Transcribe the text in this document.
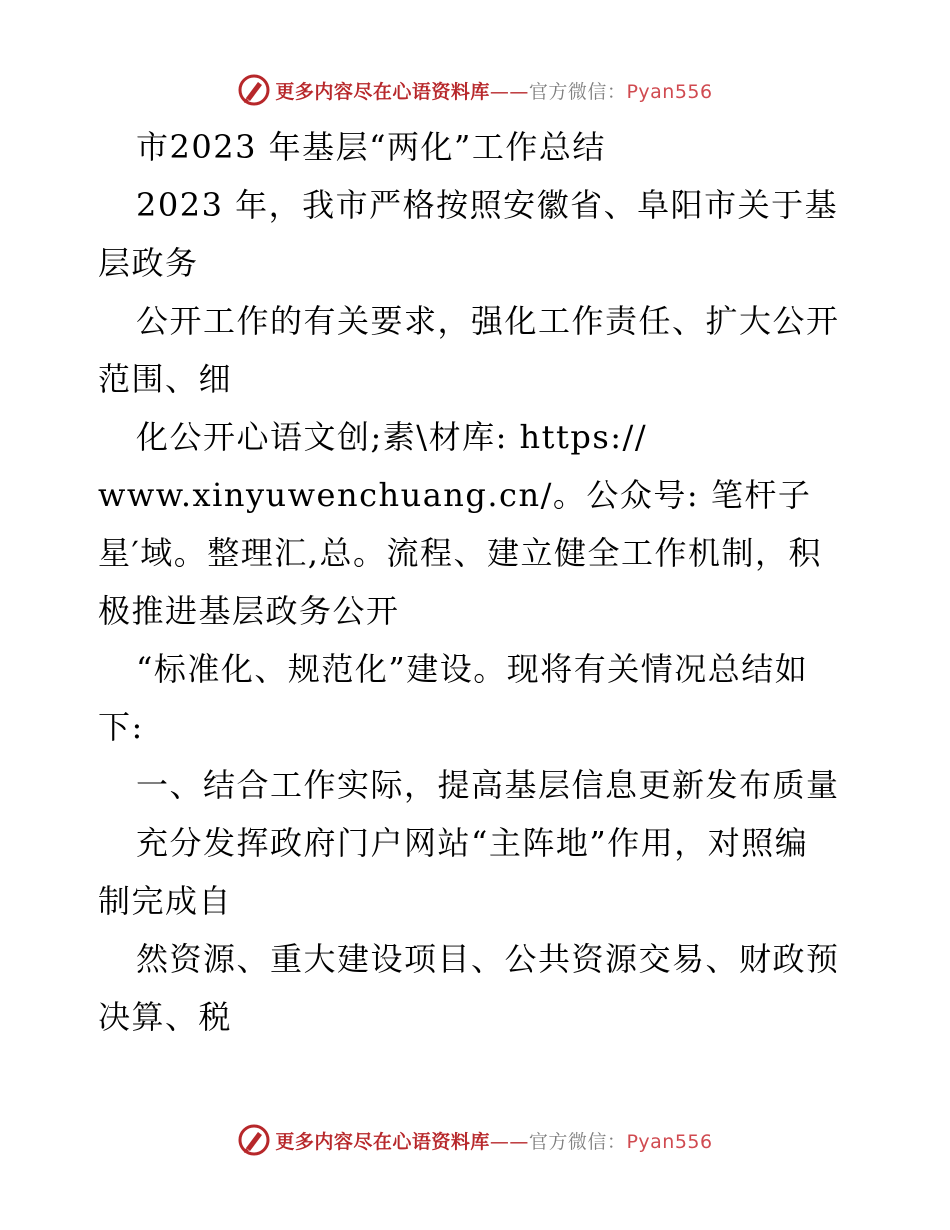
更多内容尽在心语资料库——官方微信：Pyan556
市2023 年基层“两化”工作总结
2023 年，我市严格按照安徽省、阜阳市关于基
层政务
公开工作的有关要求，强化工作责任、扩大公开
范围、细
化公开心语文创;素\材库: https://
www.xinyuwenchuang.cn/。公众号: 笔杆子
星′域。整理汇,总。流程、建立健全工作机制，积
极推进基层政务公开
“标准化、规范化”建设。现将有关情况总结如
下:
一、结合工作实际，提高基层信息更新发布质量
充分发挥政府门户网站“主阵地”作用，对照编
制完成自
然资源、重大建设项目、公共资源交易、财政预
决算、税
更多内容尽在心语资料库——官方微信：Pyan556
